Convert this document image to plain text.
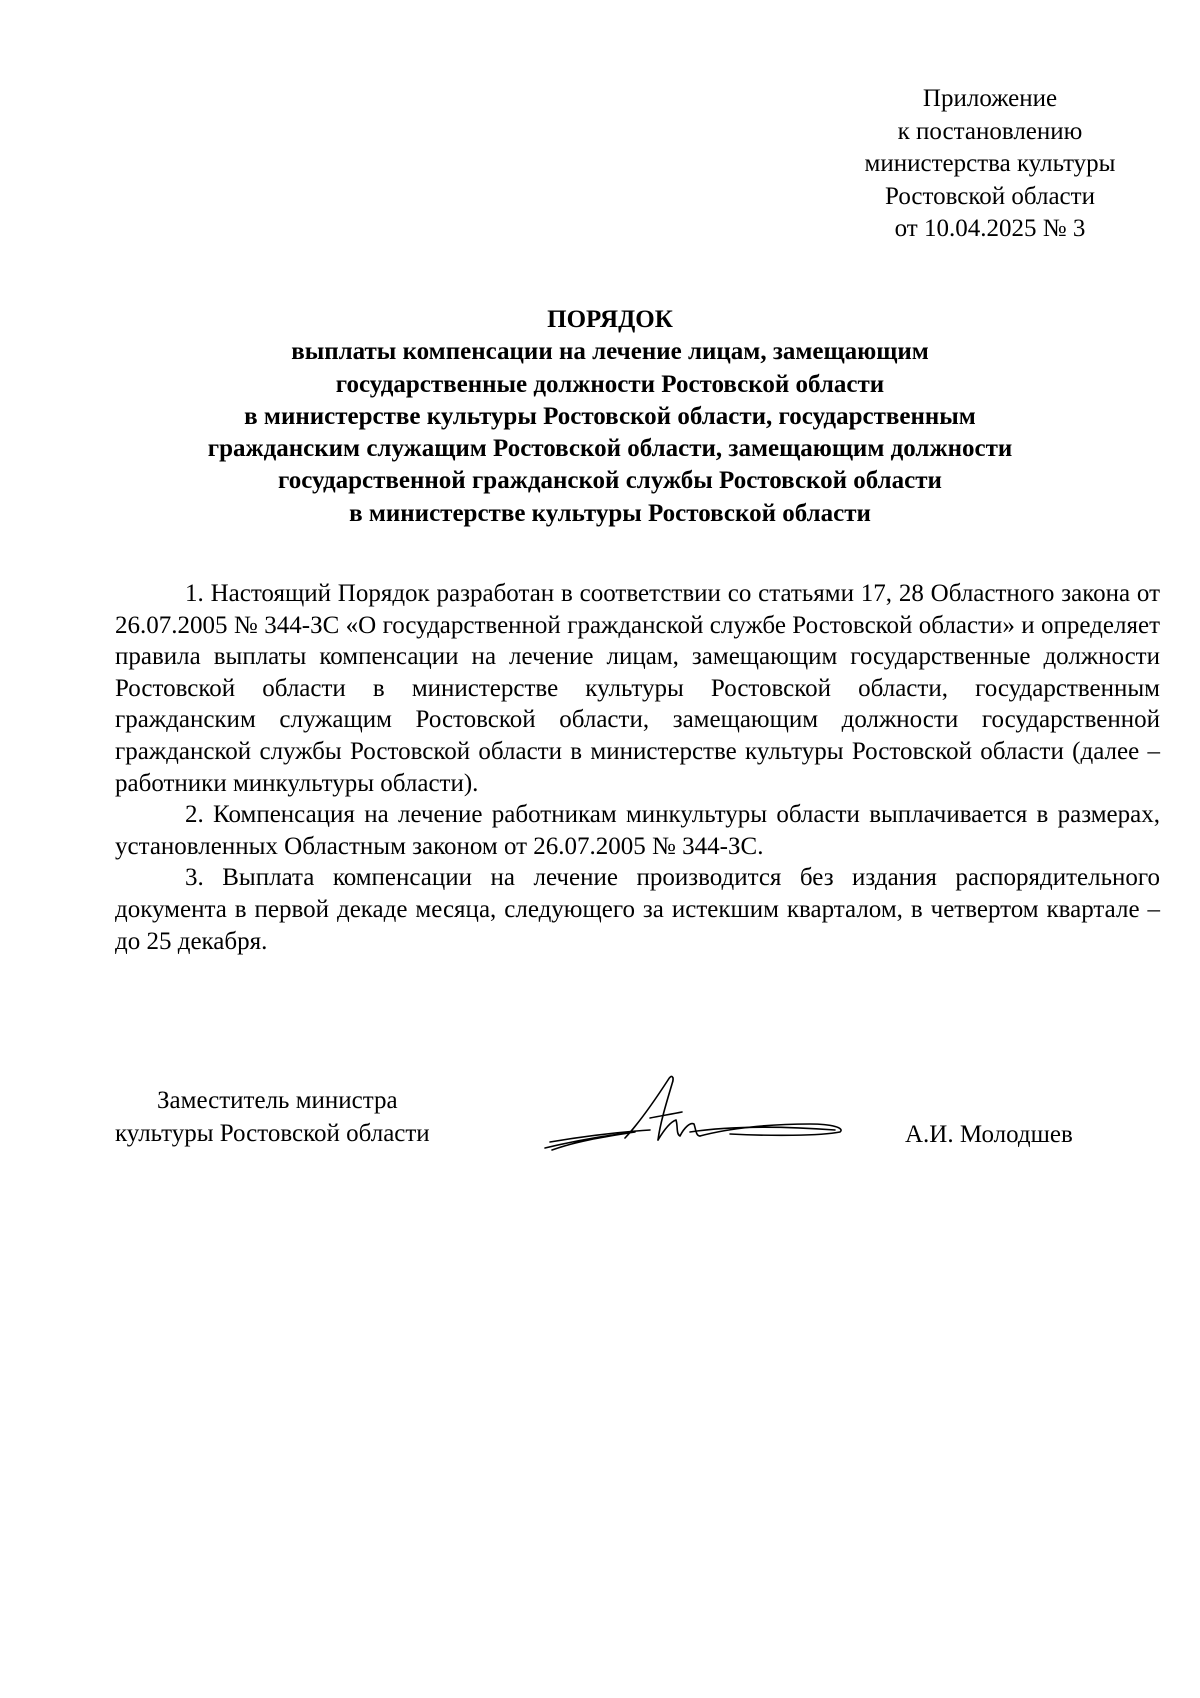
Приложение
к постановлению
министерства культуры
Ростовской области
от 10.04.2025 № 3
ПОРЯДОК
выплаты компенсации на лечение лицам, замещающим
государственные должности Ростовской области
в министерстве культуры Ростовской области, государственным
гражданским служащим Ростовской области, замещающим должности
государственной гражданской службы Ростовской области
в министерстве культуры Ростовской области

1. Настоящий Порядок разработан в соответствии со статьями 17, 28 Областного закона от 26.07.2005 № 344-ЗС «О государственной гражданской службе Ростовской области» и определяет правила выплаты компенсации на лечение лицам, замещающим государственные должности Ростовской области в министерстве культуры Ростовской области, государственным гражданским служащим Ростовской области, замещающим должности государственной гражданской службы Ростовской области в министерстве культуры Ростовской области (далее – работники минкультуры области).

2. Компенсация на лечение работникам минкультуры области выплачивается в размерах, установленных Областным законом от 26.07.2005 № 344-ЗС.

3. Выплата компенсации на лечение производится без издания распорядительного документа в первой декаде месяца, следующего за истекшим кварталом, в четвертом квартале – до 25 декабря.

Заместитель министра
культуры Ростовской области	А.И. Молодшев
